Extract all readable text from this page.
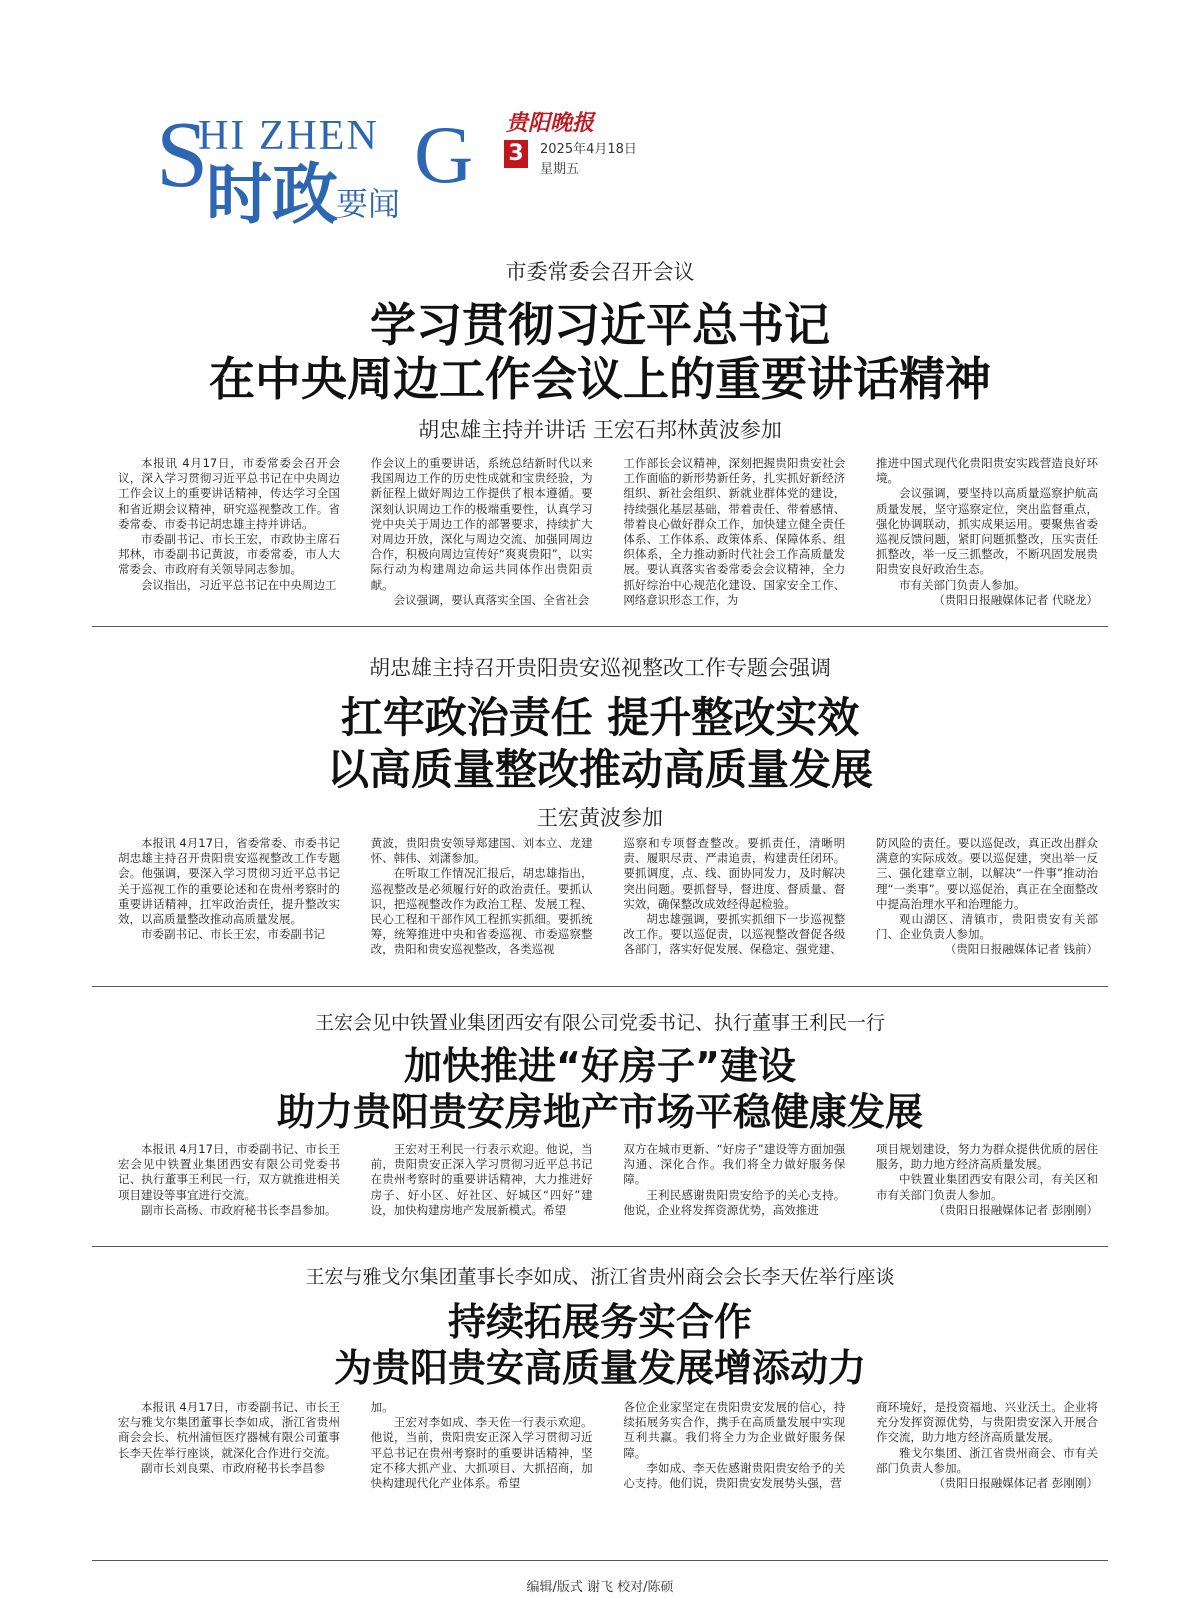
S
HI ZHEN G
时政
要闻
贵阳晚报
3	2025年4月18日
星期五
市委常委会召开会议
学习贯彻习近平总书记
在中央周边工作会议上的重要讲话精神
胡忠雄主持并讲话 王宏石邦林黄波参加

本报讯 4月17日，市委常委会召开会议，深入学习贯彻习近平总书记在中央周边工作会议上的重要讲话精神，传达学习全国和省近期会议精神，研究巡视整改工作。省委常委、市委书记胡忠雄主持并讲话。

市委副书记、市长王宏，市政协主席石邦林，市委副书记黄波，市委常委，市人大常委会、市政府有关领导同志参加。

会议指出，习近平总书记在中央周边工

作会议上的重要讲话，系统总结新时代以来我国周边工作的历史性成就和宝贵经验，为新征程上做好周边工作提供了根本遵循。要深刻认识周边工作的极端重要性，认真学习党中央关于周边工作的部署要求，持续扩大对周边开放，深化与周边交流、加强同周边合作，积极向周边宣传好“爽爽贵阳”，以实际行动为构建周边命运共同体作出贵阳贡献。

会议强调，要认真落实全国、全省社会

工作部长会议精神，深刻把握贵阳贵安社会工作面临的新形势新任务，扎实抓好新经济组织、新社会组织、新就业群体党的建设，持续强化基层基础，带着责任、带着感情、带着良心做好群众工作，加快建立健全责任体系、工作体系、政策体系、保障体系、组织体系，全力推动新时代社会工作高质量发展。要认真落实省委常委会会议精神，全力抓好综治中心规范化建设、国家安全工作、网络意识形态工作，为

推进中国式现代化贵阳贵安实践营造良好环境。

会议强调，要坚持以高质量巡察护航高质量发展，坚守巡察定位，突出监督重点，强化协调联动，抓实成果运用。要聚焦省委巡视反馈问题，紧盯问题抓整改，压实责任抓整改，举一反三抓整改，不断巩固发展贵阳贵安良好政治生态。

市有关部门负责人参加。

（贵阳日报融媒体记者 代晓龙）

胡忠雄主持召开贵阳贵安巡视整改工作专题会强调
扛牢政治责任 提升整改实效
以高质量整改推动高质量发展
王宏黄波参加

本报讯 4月17日，省委常委、市委书记胡忠雄主持召开贵阳贵安巡视整改工作专题会。他强调，要深入学习贯彻习近平总书记关于巡视工作的重要论述和在贵州考察时的重要讲话精神，扛牢政治责任，提升整改实效，以高质量整改推动高质量发展。

市委副书记、市长王宏，市委副书记

黄波，贵阳贵安领导郑建国、刘本立、龙建怀、韩伟、刘潇参加。

在听取工作情况汇报后，胡忠雄指出，巡视整改是必须履行好的政治责任。要抓认识，把巡视整改作为政治工程、发展工程、民心工程和干部作风工程抓实抓细。要抓统筹，统筹推进中央和省委巡视、市委巡察整改，贵阳和贵安巡视整改，各类巡视

巡察和专项督查整改。要抓责任，清晰明责、履职尽责、严肃追责，构建责任闭环。要抓调度，点、线、面协同发力，及时解决突出问题。要抓督导，督进度、督质量、督实效，确保整改成效经得起检验。

胡忠雄强调，要抓实抓细下一步巡视整改工作。要以巡促责，以巡视整改督促各级各部门，落实好促发展、保稳定、强党建、

防风险的责任。要以巡促改，真正改出群众满意的实际成效。要以巡促建，突出举一反三、强化建章立制，以解决“一件事”推动治理“一类事”。要以巡促治，真正在全面整改中提高治理水平和治理能力。

观山湖区、清镇市，贵阳贵安有关部门、企业负责人参加。

（贵阳日报融媒体记者 钱前）

王宏会见中铁置业集团西安有限公司党委书记、执行董事王利民一行
加快推进“好房子”建设
助力贵阳贵安房地产市场平稳健康发展

本报讯 4月17日，市委副书记、市长王宏会见中铁置业集团西安有限公司党委书记、执行董事王利民一行，双方就推进相关项目建设等事宜进行交流。

副市长高杨、市政府秘书长李昌参加。

王宏对王利民一行表示欢迎。他说，当前，贵阳贵安正深入学习贯彻习近平总书记在贵州考察时的重要讲话精神，大力推进好房子、好小区、好社区、好城区“四好”建设，加快构建房地产发展新模式。希望

双方在城市更新、“好房子”建设等方面加强沟通、深化合作。我们将全力做好服务保障。

王利民感谢贵阳贵安给予的关心支持。他说，企业将发挥资源优势，高效推进

项目规划建设，努力为群众提供优质的居住服务，助力地方经济高质量发展。

中铁置业集团西安有限公司，有关区和市有关部门负责人参加。

（贵阳日报融媒体记者 彭刚刚）

王宏与雅戈尔集团董事长李如成、浙江省贵州商会会长李天佐举行座谈
持续拓展务实合作
为贵阳贵安高质量发展增添动力

本报讯 4月17日，市委副书记、市长王宏与雅戈尔集团董事长李如成，浙江省贵州商会会长、杭州浦恒医疗器械有限公司董事长李天佐举行座谈，就深化合作进行交流。

副市长刘良栗、市政府秘书长李昌参

加。

王宏对李如成、李天佐一行表示欢迎。他说，当前，贵阳贵安正深入学习贯彻习近平总书记在贵州考察时的重要讲话精神，坚定不移大抓产业、大抓项目、大抓招商，加快构建现代化产业体系。希望

各位企业家坚定在贵阳贵安发展的信心，持续拓展务实合作，携手在高质量发展中实现互利共赢。我们将全力为企业做好服务保障。

李如成、李天佐感谢贵阳贵安给予的关心支持。他们说，贵阳贵安发展势头强，营

商环境好，是投资福地、兴业沃土。企业将充分发挥资源优势，与贵阳贵安深入开展合作交流，助力地方经济高质量发展。

雅戈尔集团、浙江省贵州商会、市有关部门负责人参加。

（贵阳日报融媒体记者 彭刚刚）

编辑/版式 谢飞 校对/陈硕
